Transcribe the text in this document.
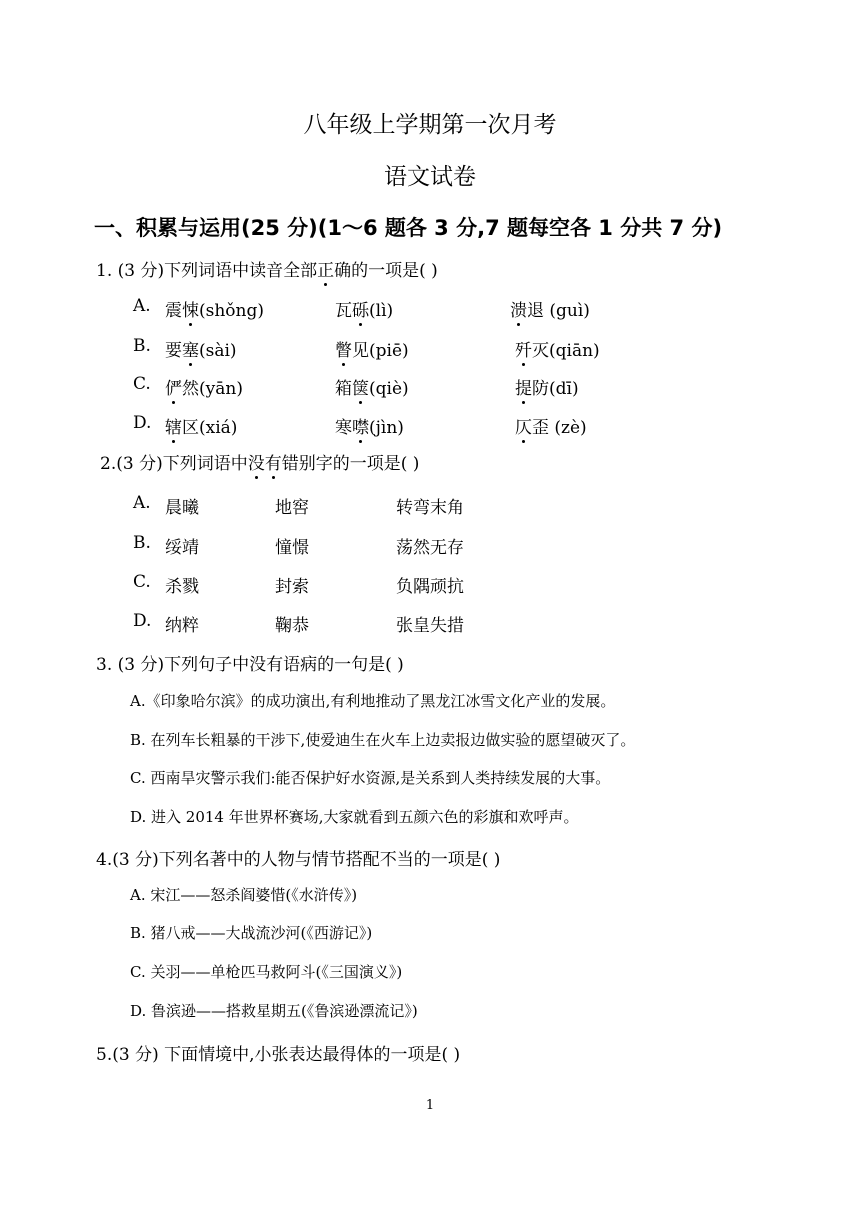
八年级上学期第一次月考
语文试卷
一、积累与运用(25 分)(1～6 题各 3 分,7 题每空各 1 分共 7 分)
1. (3 分)下列词语中读音全部正确的一项是( )
A. 震悚(shǒng)	瓦砾(lì)	溃退 (guì)
B. 要塞(sài)	瞥见(piē)	歼灭(qiān)
C. 俨然(yān)	箱箧(qiè)	提防(dī)
D. 辖区(xiá)	寒噤(jìn)	仄歪 (zè)
2.(3 分)下列词语中没有错别字的一项是( )
A. 晨曦	地窖	转弯末角
B. 绥靖	憧憬	荡然无存
C. 杀戮	封索	负隅顽抗
D. 纳粹	鞠恭	张皇失措
3. (3 分)下列句子中没有语病的一句是( )
A.《印象哈尔滨》的成功演出,有利地推动了黑龙江冰雪文化产业的发展。
B. 在列车长粗暴的干涉下,使爱迪生在火车上边卖报边做实验的愿望破灭了。
C. 西南旱灾警示我们:能否保护好水资源,是关系到人类持续发展的大事。
D. 进入 2014 年世界杯赛场,大家就看到五颜六色的彩旗和欢呼声。
4.(3 分)下列名著中的人物与情节搭配不当的一项是( )
A. 宋江——怒杀阎婆惜(《水浒传》)
B. 猪八戒——大战流沙河(《西游记》)
C. 关羽——单枪匹马救阿斗(《三国演义》)
D. 鲁滨逊——搭救星期五(《鲁滨逊漂流记》)
5.(3 分) 下面情境中,小张表达最得体的一项是( )
1
